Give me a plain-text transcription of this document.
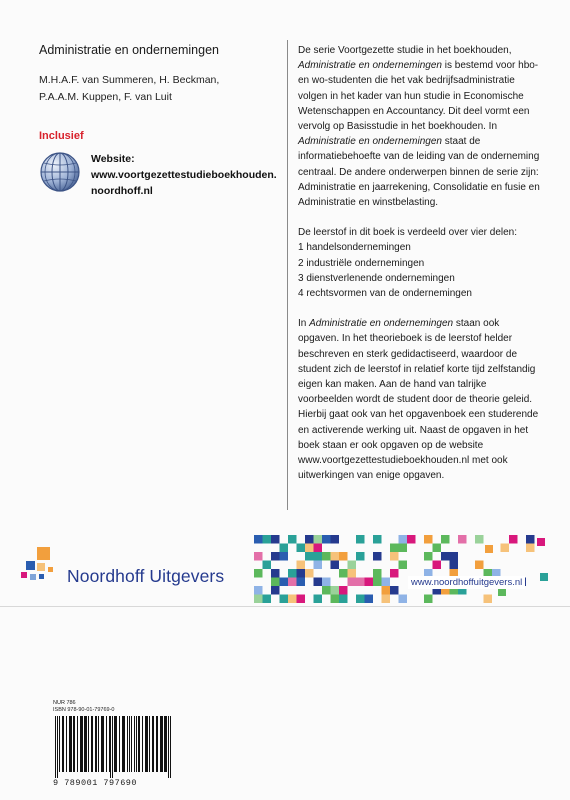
Administratie en ondernemingen
M.H.A.F. van Summeren, H. Beckman,
P.A.A.M. Kuppen, F. van Luit
Inclusief
Website:
www.voortgezettestudieboekhouden.
noordhoff.nl

De serie Voortgezette studie in het boekhouden, Administratie en ondernemingen is bestemd voor hbo- en wo-studenten die het vak bedrijfsadministratie volgen in het kader van hun studie in Economische Wetenschappen en Accountancy. Dit deel vormt een vervolg op Basisstudie in het boekhouden. In Administratie en ondernemingen staat de informatiebehoefte van de leiding van de onderneming centraal. De andere onderwerpen binnen de serie zijn: Administratie en jaarrekening, Consolidatie en fusie en Administratie en winstbelasting.

De leerstof in dit boek is verdeeld over vier delen:
1 handelsondernemingen
2 industriële ondernemingen
3 dienstverlenende ondernemingen
4 rechtsvormen van de ondernemingen

In Administratie en ondernemingen staan ook opgaven. In het theorieboek is de leerstof helder beschreven en sterk gedidactiseerd, waardoor de student zich de leerstof in relatief korte tijd zelfstandig eigen kan maken. Aan de hand van talrijke voorbeelden wordt de student door de theorie geleid. Hierbij gaat ook van het opgavenboek een studerende en activerende werking uit. Naast de opgaven in het boek staan er ook opgaven op de website www.voortgezettestudieboekhouden.nl met ook uitwerkingen van enige opgaven.

Noordhoff Uitgevers	www.noordhoffuitgevers.nl
NUR 786
ISBN 978-90-01-79769-0
9 789001 797690
